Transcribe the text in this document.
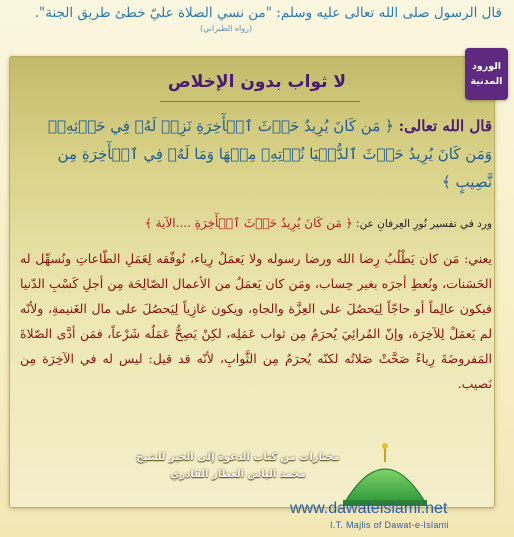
قال الرسول صلى الله تعالى عليه وسلم: "من نسي الصلاة عليّ خطئ طريق الجنة".
(رواه الطبراني)
الورود
المدنية
لا ثواب بدون الإخلاص
قال الله تعالى: ﴿ مَن كَانَ يُرِيدُ حَرۡثَ ٱلۡأٓخِرَةِ نَزِدۡ لَهُۥ فِي حَرۡثِهِۦۖ وَمَن كَانَ يُرِيدُ حَرۡثَ ٱلدُّنۡيَا نُؤۡتِهِۦ مِنۡهَا وَمَا لَهُۥ فِي ٱلۡأٓخِرَةِ مِن نَّصِيبٍ ﴾
ورد في تفسير نُورِ العِرفانِ عن: ﴿ مَن كَانَ يُرِيدُ حَرۡثَ ٱلۡأٓخِرَةِ ....الآية ﴾
يعني: مَن كان يَطْلُبُ رِضا الله ورضا رسوله ولا يَعمَلُ رِياء، نُوفّقه لِعَمَلِ الطّاعاتِ ونُسهِّل له الحَسَنات، ونُعطِ أجرَه بغير حِساب، ومَن كان يَعمَلُ من الأعمال الصّالِحَة مِن أجلِ كَسْبِ الدّنيا فيكون عالِماً أو حاجّاً لِيَحصُلَ على العِزَّة والجاهِ، ويكون غازِياً لِيَحصُلَ على مال الغَنيمةِ، ولأنّه لم يَعمَلْ لِلآخِرَة، وإنّ المُرائِيَ يُحرَمُ مِن ثواب عَمَلِه، لكِنْ يَصِحُّ عَمَلُه شَرْعاً، فمَن أدَّى الصّلاةَ المَفروضَةَ رِياءً صَحَّتْ صَلاتُه لكنّه يُحرَمُ مِن الثَّوابِ، لأنّه قد قيل: ليس له في الآخِرَة مِن نَصيب.
مختارات من كتاب الدعوة إلى الخير للشيخ
محمد الياس العطار القادري
www.dawateislami.net
I.T. Majlis of Dawat-e-Islami
